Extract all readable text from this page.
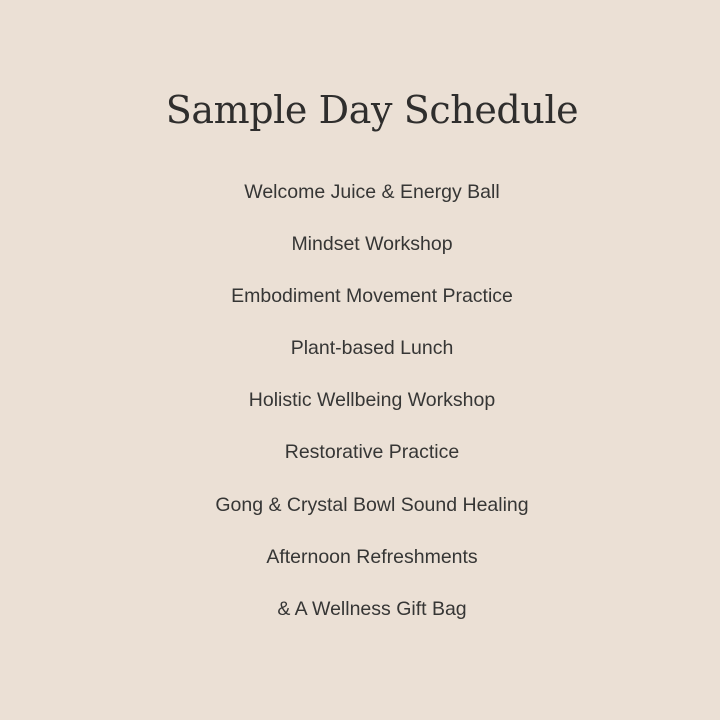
Sample Day Schedule
Welcome Juice & Energy Ball
Mindset Workshop
Embodiment Movement Practice
Plant-based Lunch
Holistic Wellbeing Workshop
Restorative Practice
Gong & Crystal Bowl Sound Healing
Afternoon Refreshments
& A Wellness Gift Bag
